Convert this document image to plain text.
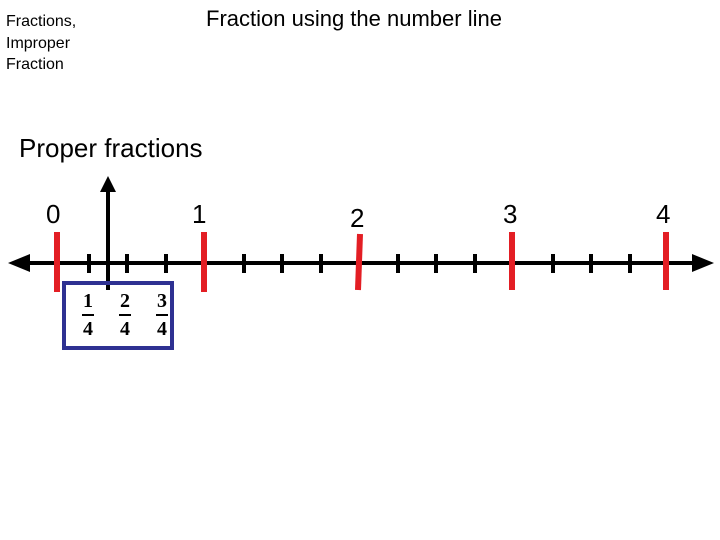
Fractions,
Improper
Fraction
Fraction using the number line
Proper fractions
0	1	2	3	4
1
4
2
4
3
4
